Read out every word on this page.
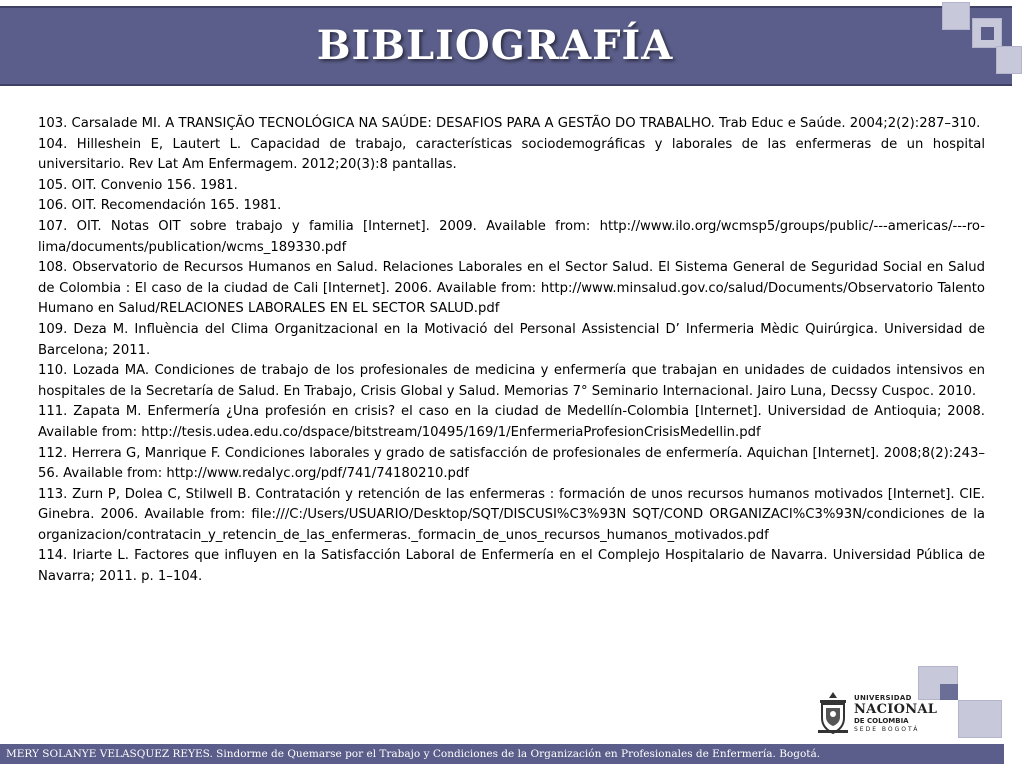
BIBLIOGRAFÍA

103. Carsalade MI. A TRANSIÇÃO TECNOLÓGICA NA SAÚDE: DESAFIOS PARA A GESTÃO DO TRABALHO. Trab Educ e Saúde. 2004;2(2):287–310.

104. Hilleshein E, Lautert L. Capacidad de trabajo, características sociodemográficas y laborales de las enfermeras de un hospital universitario. Rev Lat Am Enfermagem. 2012;20(3):8 pantallas.

105. OIT. Convenio 156. 1981.

106. OIT. Recomendación 165. 1981.

107. OIT. Notas OIT sobre trabajo y familia [Internet]. 2009. Available from: http://www.ilo.org/wcmsp5/groups/public/---americas/---ro-lima/documents/publication/wcms_189330.pdf

108. Observatorio de Recursos Humanos en Salud. Relaciones Laborales en el Sector Salud. El Sistema General de Seguridad Social en Salud de Colombia : El caso de la ciudad de Cali [Internet]. 2006. Available from: http://www.minsalud.gov.co/salud/Documents/Observatorio Talento Humano en Salud/RELACIONES LABORALES EN EL SECTOR SALUD.pdf

109. Deza M. Influència del Clima Organitzacional en la Motivació del Personal Assistencial D’ Infermeria Mèdic Quirúrgica. Universidad de Barcelona; 2011.

110. Lozada MA. Condiciones de trabajo de los profesionales de medicina y enfermería que trabajan en unidades de cuidados intensivos en hospitales de la Secretaría de Salud. En Trabajo, Crisis Global y Salud. Memorias 7° Seminario Internacional. Jairo Luna, Decssy Cuspoc. 2010.

111. Zapata M. Enfermería ¿Una profesión en crisis? el caso en la ciudad de Medellín-Colombia [Internet]. Universidad de Antioquia; 2008. Available from: http://tesis.udea.edu.co/dspace/bitstream/10495/169/1/EnfermeriaProfesionCrisisMedellin.pdf

112. Herrera G, Manrique F. Condiciones laborales y grado de satisfacción de profesionales de enfermería. Aquichan [Internet]. 2008;8(2):243–56. Available from: http://www.redalyc.org/pdf/741/74180210.pdf

113. Zurn P, Dolea C, Stilwell B. Contratación y retención de las enfermeras : formación de unos recursos humanos motivados [Internet]. CIE. Ginebra. 2006. Available from: file:///C:/Users/USUARIO/Desktop/SQT/DISCUSI%C3%93N SQT/COND ORGANIZACI%C3%93N/condiciones de la organizacion/contratacin_y_retencin_de_las_enfermeras._formacin_de_unos_recursos_humanos_motivados.pdf

114. Iriarte L. Factores que influyen en la Satisfacción Laboral de Enfermería en el Complejo Hospitalario de Navarra. Universidad Pública de Navarra; 2011. p. 1–104.

UNIVERSIDAD
NACIONAL
DE COLOMBIA
SEDE BOGOTÁ
MERY SOLANYE VELASQUEZ REYES. Sindorme de Quemarse por el Trabajo y Condiciones de la Organización en Profesionales de Enfermería. Bogotá.
